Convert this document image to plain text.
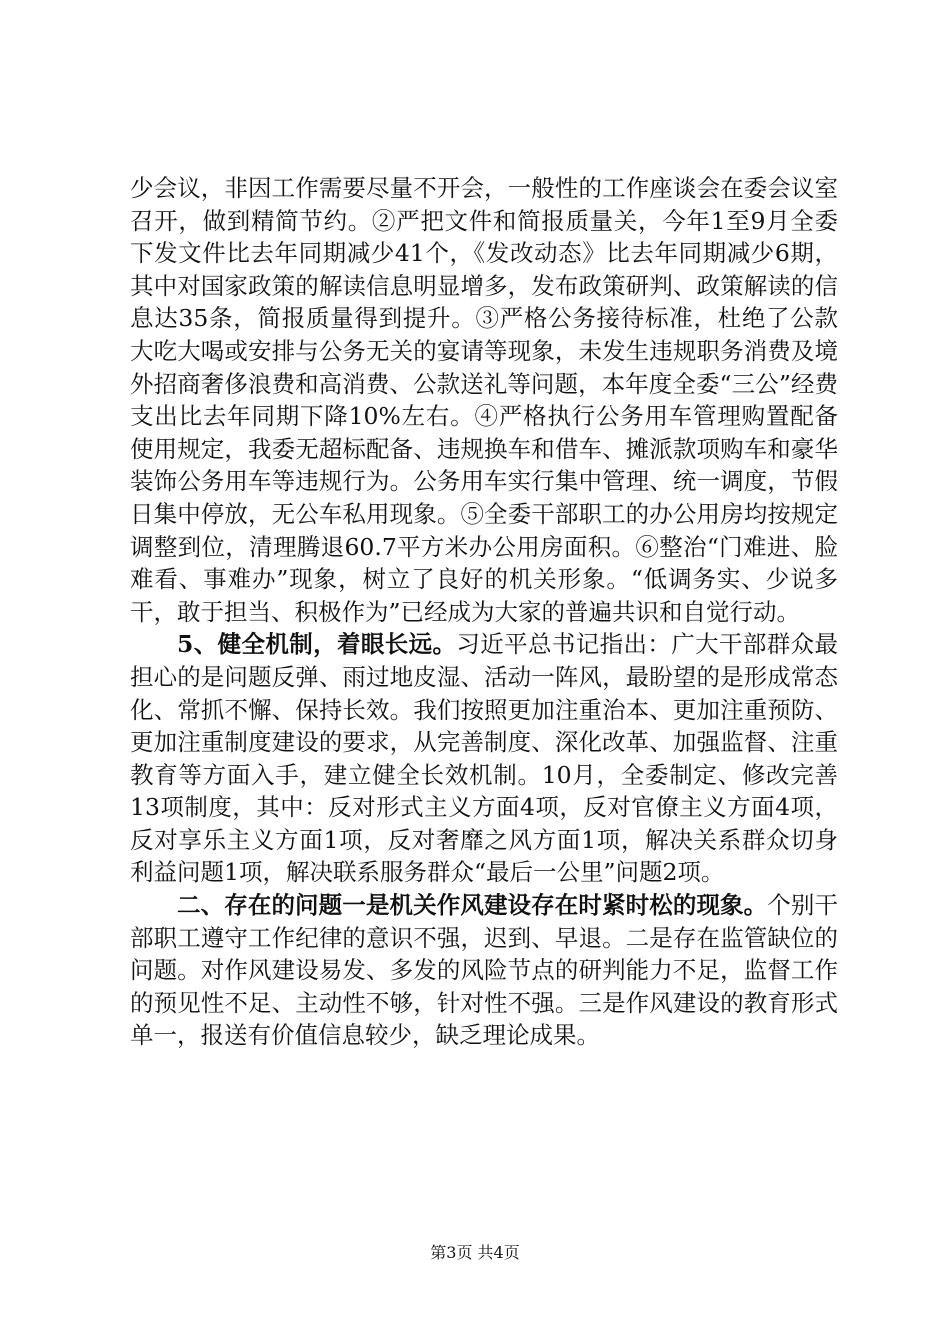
少会议，非因工作需要尽量不开会，一般性的工作座谈会在委会议室召开，做到精简节约。②严把文件和简报质量关，今年1至9月全委下发文件比去年同期减少41个，《发改动态》比去年同期减少6期，其中对国家政策的解读信息明显增多，发布政策研判、政策解读的信息达35条，简报质量得到提升。③严格公务接待标准，杜绝了公款大吃大喝或安排与公务无关的宴请等现象，未发生违规职务消费及境外招商奢侈浪费和高消费、公款送礼等问题，本年度全委“三公”经费支出比去年同期下降10%左右。④严格执行公务用车管理购置配备使用规定，我委无超标配备、违规换车和借车、摊派款项购车和豪华装饰公务用车等违规行为。公务用车实行集中管理、统一调度，节假日集中停放，无公车私用现象。⑤全委干部职工的办公用房均按规定调整到位，清理腾退60.7平方米办公用房面积。⑥整治“门难进、脸难看、事难办”现象，树立了良好的机关形象。“低调务实、少说多干，敢于担当、积极作为”已经成为大家的普遍共识和自觉行动。

5、健全机制，着眼长远。习近平总书记指出：广大干部群众最担心的是问题反弹、雨过地皮湿、活动一阵风，最盼望的是形成常态化、常抓不懈、保持长效。我们按照更加注重治本、更加注重预防、更加注重制度建设的要求，从完善制度、深化改革、加强监督、注重教育等方面入手，建立健全长效机制。10月，全委制定、修改完善13项制度，其中：反对形式主义方面4项，反对官僚主义方面4项，反对享乐主义方面1项，反对奢靡之风方面1项，解决关系群众切身利益问题1项，解决联系服务群众“最后一公里”问题2项。

二、存在的问题一是机关作风建设存在时紧时松的现象。个别干部职工遵守工作纪律的意识不强，迟到、早退。二是存在监管缺位的问题。对作风建设易发、多发的风险节点的研判能力不足，监督工作的预见性不足、主动性不够，针对性不强。三是作风建设的教育形式单一，报送有价值信息较少，缺乏理论成果。

第3页 共4页
